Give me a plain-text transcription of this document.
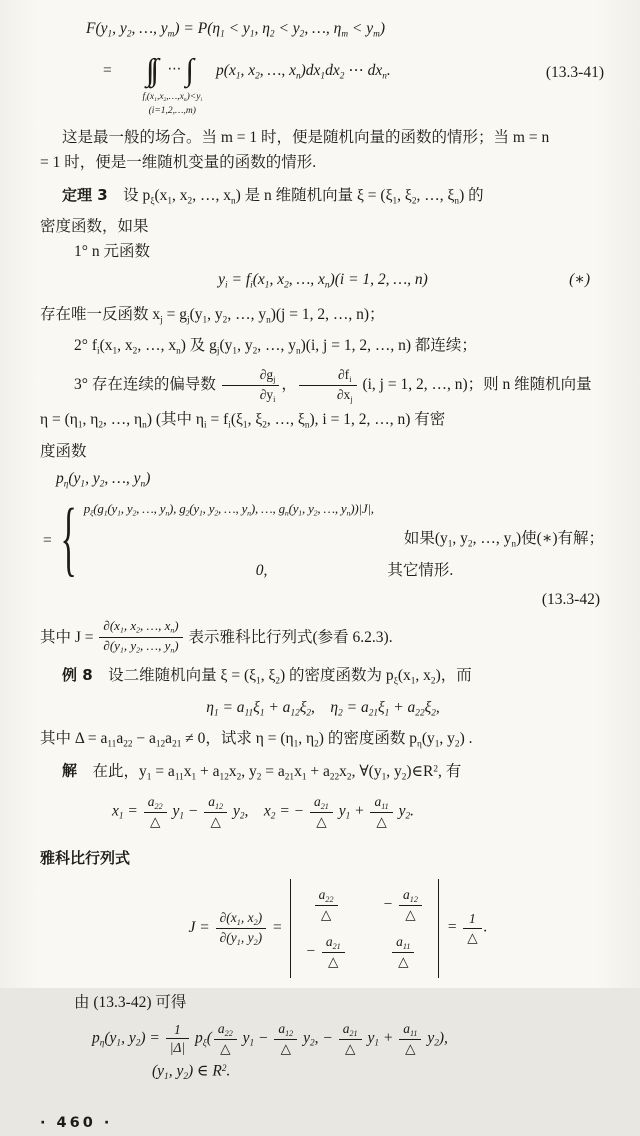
$F(y_1$, $y_2$, …, $y_m) = P(\eta_1 < y_1$, $\eta_2 < y_2$, …, $\eta_m < y_m$)
=	⋯ ∫
$f_i(x_1,x_2,\dots,x_n)<y_i$
(i=1,2,…,m)
$p(x_1$, $x_2$, …, $x_n)dx_1dx_2$ ⋯ $dx_n$.	(13.3-41)
这是最一般的场合。当 m = 1 时，便是随机向量的函数的情形；当 m = n
= 1 时，便是一维随机变量的函数的情形.
定理 3　设 $p_\xi(x_1$, $x_2$, …, $x_n$) 是 n 维随机向量 $\xi = (\xi_1$, $\xi_2$, …, $\xi_n$) 的
密度函数，如果
1° n 元函数
$y_i = f_i(x_1$, $x_2$, …, $x_n)(i = 1$, 2, …, n)	(∗)
存在唯一反函数 $x_j = g_j(y_1$, $y_2$, …, $y_n)(j = 1$, 2, …, n)；
2° $f_i(x_1$, $x_2$, …, $x_n$) 及 $g_j(y_1$, $y_2$, …, $y_n)(i$, j = 1, 2, …, n) 都连续；
3° 存在连续的偏导数 $\frac{\partial g_j}{\partial y_i}$ ， $\frac{\partial f_i}{\partial x_j} (i$, j = 1, 2, …, n)；则 n 维随机向量
$\eta = (\eta_1$, $\eta_2$, …, $\eta_n$) (其中 $\eta_i = f_i(\xi_1$, $\xi_2$, …, $\xi_n$), i = 1, 2, …, n) 有密
度函数
$p_\eta(y_1$, $y_2$, …, $y_n$)
= { $p_\xi(g_1(y_1$, $y_2$, …, $y_n$), $g_2(y_1$, $y_2$, …, $y_n$), …, $g_n(y_1$, $y_2$, …, $y_n))|J|$,
如果($y_1$, $y_2$, …, $y_n$)使(∗)有解；
0,	其它情形.
(13.3-42)
其中 J =
$\frac{\partial(x_1, x_2, \dots, x_n)}{\partial(y_1, y_2, \dots, y_n)}$
表示雅科比行列式(参看 6.2.3).
例 8　设二维随机向量 $\xi = (\xi_1$, $\xi_2$) 的密度函数为 $p_\xi(x_1$, $x_2$)，而
$\eta_1 = a_{11}\xi_1 + a_{12}\xi_2$,　$\eta_2 = a_{21}\xi_1 + a_{22}\xi_2$,
其中 $\Delta = a_{11}a_{22} - a_{12}a_{21} \ne 0$，试求 $\eta = (\eta_1$, $\eta_2$) 的密度函数 $p_\eta(y_1$, $y_2$) .
解　在此，$y_1 = a_{11}x_1 + a_{12}x_2$, $y_2 = a_{21}x_1 + a_{22}x_2$, $\forall(y_1$, $y_2)\in R^2$, 有
$x_1 = \frac{a_{22}}{\triangle} y_1 - \frac{a_{12}}{\triangle} y_2$,　$x_2$ = − $\frac{a_{21}}{\triangle} y_1 + \frac{a_{11}}{\triangle} y_2$.
雅科比行列式
$J = \frac{\partial(x_1, x_2)}{\partial(y_1, y_2)}$ =
$\frac{a_{22}}{\triangle}$	− $\frac{a_{12}}{\triangle}$
− $\frac{a_{21}}{\triangle}$	$\frac{a_{11}}{\triangle}$
= $\frac{1}{\triangle}$ .
由 (13.3-42) 可得
$p_\eta(y_1$, $y_2) = \frac{1}{|\Delta|} p_\xi( \frac{a_{22}}{\triangle} y_1 - \frac{a_{12}}{\triangle} y_2$, − $\frac{a_{21}}{\triangle} y_1 + \frac{a_{11}}{\triangle} y_2$),
($y_1$, $y_2$) ∈ $R^2$.
· 460 ·
